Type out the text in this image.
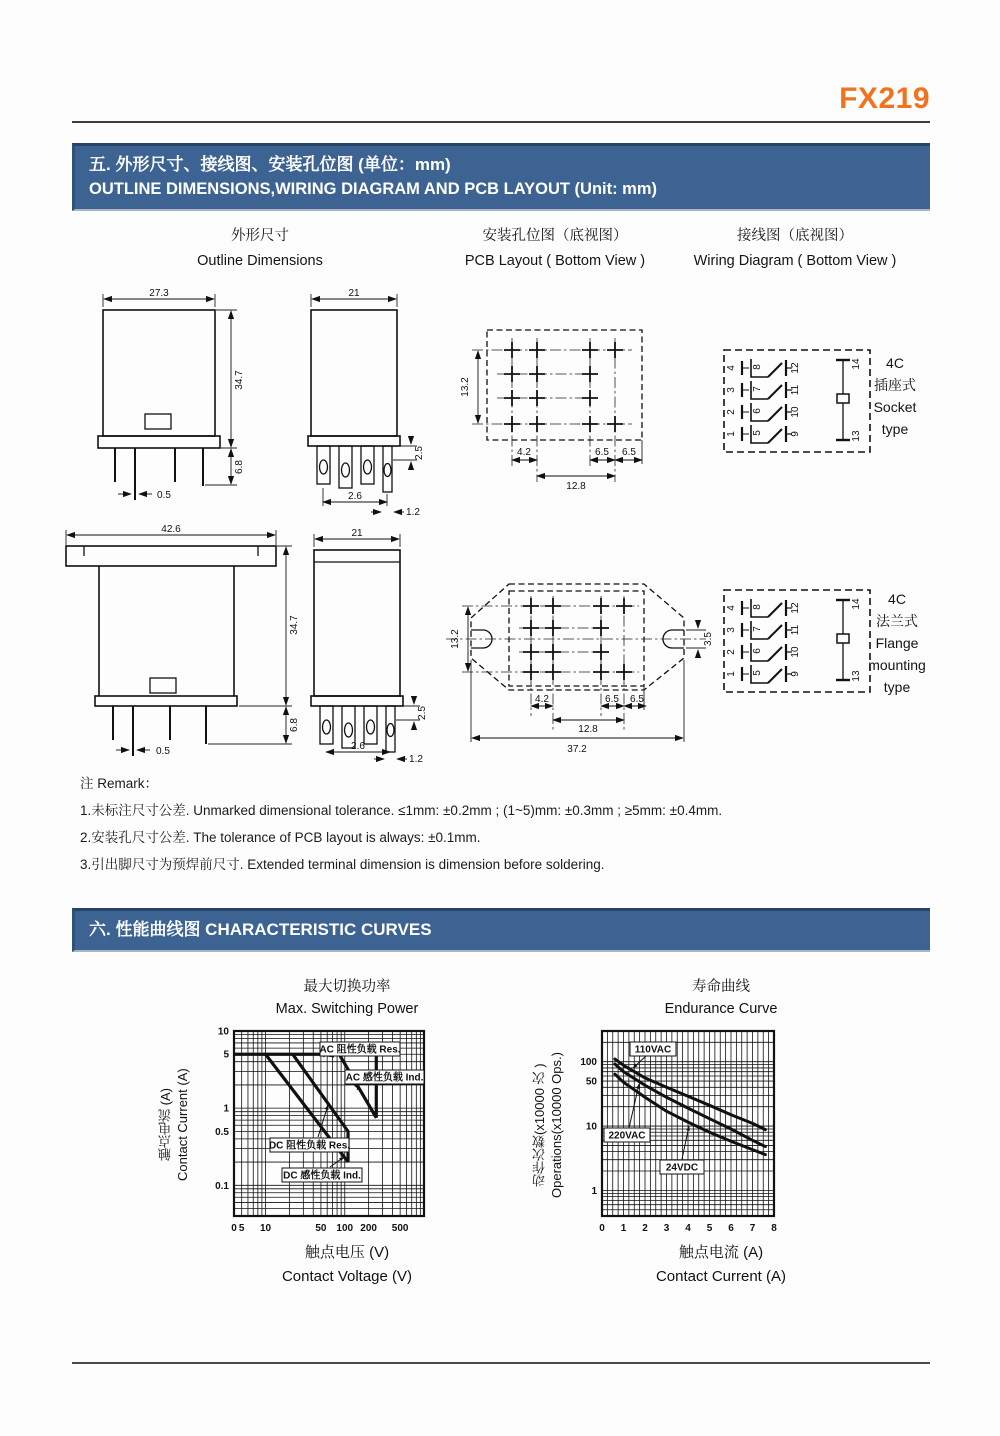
FX219
五. 外形尺寸、接线图、安装孔位图 (单位：mm)
OUTLINE DIMENSIONS,WIRING DIAGRAM AND PCB LAYOUT (Unit: mm)
外形尺寸
Outline Dimensions
安装孔位图（底视图）
PCB Layout ( Bottom View )
接线图（底视图）
Wiring Diagram ( Bottom View )
27.3
34.7
6.8
0.5
21
2.5
2.6
1.2
13.2
4.2	6.5 6.5
12.8
4 8	12
3 7	11
2 6	10
1 5	9
14
13
4C
插座式
Socket
type
42.6
34.7
6.8
0.5
21
2.5
2.6
1.2
13.2	3.5
4.2	6.5 6.5
12.8
37.2
4 8	12
3 7	11
2 6	10
1 5	9
14
13
4C
法兰式
Flange
mounting
type
注 Remark：
1.未标注尺寸公差. Unmarked dimensional tolerance. ≤1mm: ±0.2mm ; (1~5)mm: ±0.3mm ; ≥5mm: ±0.4mm.
2.安装孔尺寸公差. The tolerance of PCB layout is always: ±0.1mm.
3.引出脚尺寸为预焊前尺寸. Extended terminal dimension is dimension before soldering.
六. 性能曲线图 CHARACTERISTIC CURVES
最大切换功率
Max. Switching Power
触点电流 (A) Contact Current (A)
10
5
1
0.5
0.1
0 5 10	50 100 200 500
AC 阻性负载 Res.
AC 感性负载 Ind.
DC 阻性负载 Res.
DC 感性负载 Ind.
触点电压 (V)
Contact Voltage (V)
寿命曲线
Endurance Curve
动作次数(x10000 次 ) Operations(x10000 Ops.) 100
50
10
1
0 1 2 3 4 5 6 7 8
110VAC
220VAC
24VDC
触点电流 (A)
Contact Current (A)
